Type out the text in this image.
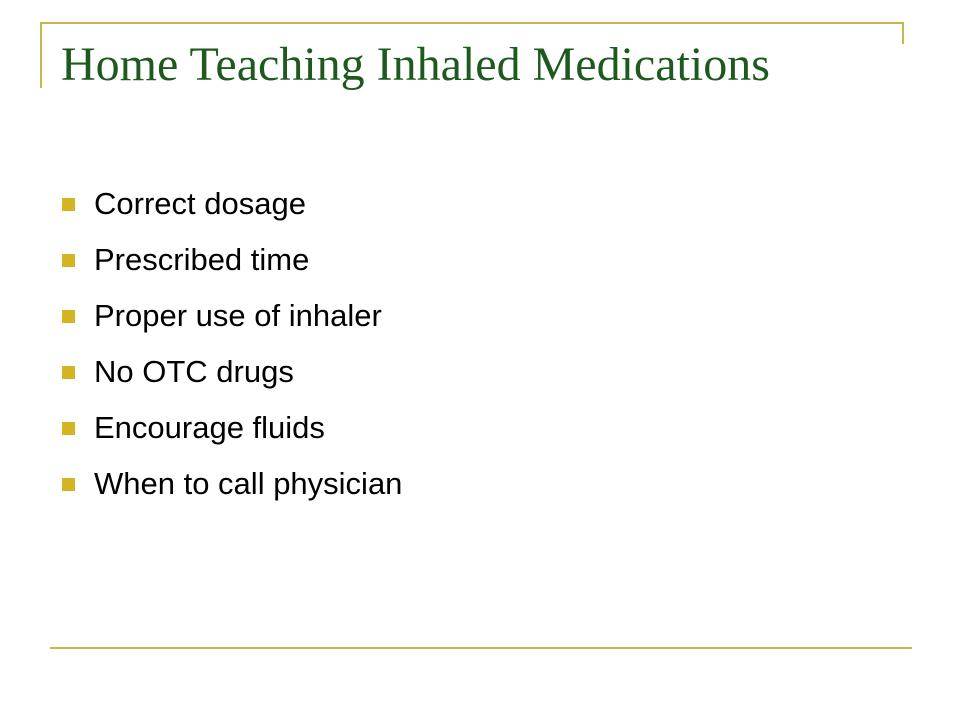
Home Teaching Inhaled Medications
Correct dosage
Prescribed time
Proper use of inhaler
No OTC drugs
Encourage fluids
When to call physician
